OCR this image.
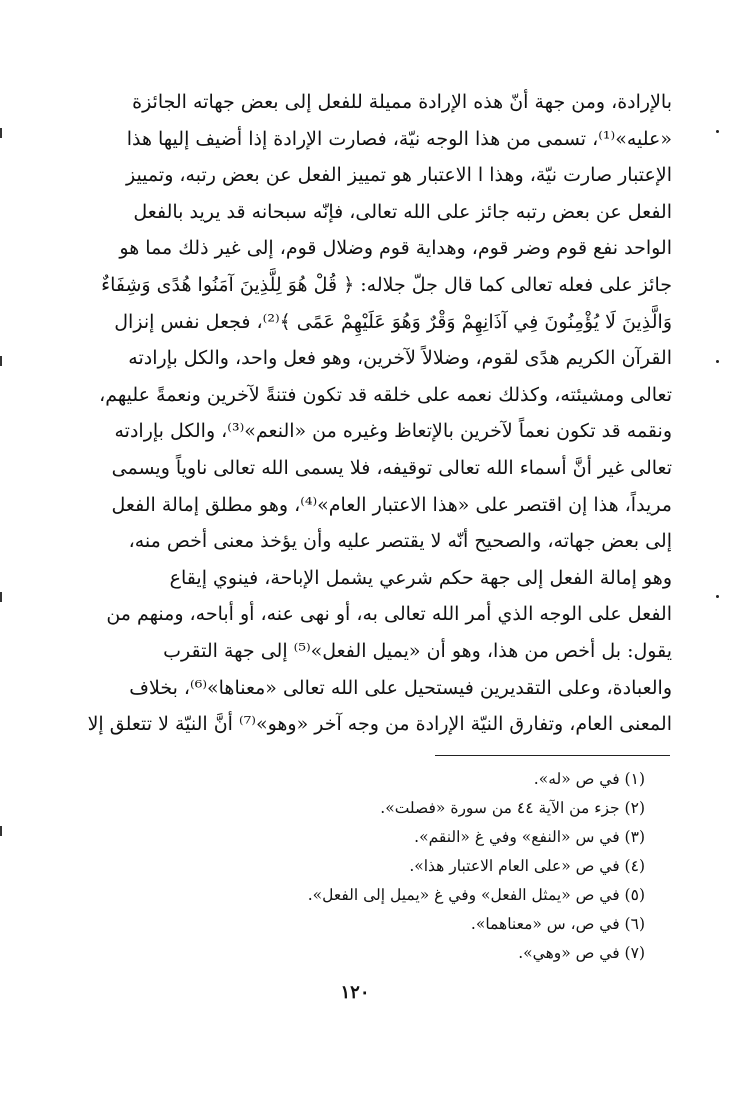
بالإرادة، ومن جهة أنّ هذه الإرادة مميلة للفعل إلى بعض جهاته الجائزة
«عليه»⁽¹⁾، تسمى من هذا الوجه نيّة، فصارت الإرادة إذا أضيف إليها هذا
الإعتبار صارت نيّة، وهذا ا الاعتبار هو تمييز الفعل عن بعض رتبه، وتمييز
الفعل عن بعض رتبه جائز على الله تعالى، فإنّه سبحانه قد يريد بالفعل
الواحد نفع قوم وضر قوم، وهداية قوم وضلال قوم، إلى غير ذلك مما هو
جائز على فعله تعالى كما قال جلّ جلاله: ﴿ قُلْ هُوَ لِلَّذِينَ آمَنُوا هُدًى وَشِفَاءٌ
وَالَّذِينَ لَا يُؤْمِنُونَ فِي آذَانِهِمْ وَقْرٌ وَهُوَ عَلَيْهِمْ عَمًى ﴾⁽²⁾، فجعل نفس إنزال
القرآن الكريم هدًى لقوم، وضلالاً لآخرين، وهو فعل واحد، والكل بإرادته
تعالى ومشيئته، وكذلك نعمه على خلقه قد تكون فتنةً لآخرين ونعمةً عليهم،
ونقمه قد تكون نعماً لآخرين بالإتعاظ وغيره من «النعم»⁽³⁾، والكل بإرادته
تعالى غير أنَّ أسماء الله تعالى توقيفه، فلا يسمى الله تعالى ناوياً ويسمى
مريداً، هذا إن اقتصر على «هذا الاعتبار العام»⁽⁴⁾، وهو مطلق إمالة الفعل
إلى بعض جهاته، والصحيح أنّه لا يقتصر عليه وأن يؤخذ معنى أخص منه،
وهو إمالة الفعل إلى جهة حكم شرعي يشمل الإباحة، فينوي إيقاع
الفعل على الوجه الذي أمر الله تعالى به، أو نهى عنه، أو أباحه، ومنهم من
يقول: بل أخص من هذا، وهو أن «يميل الفعل»⁽⁵⁾ إلى جهة التقرب
والعبادة، وعلى التقديرين فيستحيل على الله تعالى «معناها»⁽⁶⁾، بخلاف
المعنى العام، وتفارق النيّة الإرادة من وجه آخر «وهو»⁽⁷⁾ أنَّ النيّة لا تتعلق إلا
(١) في ص «له».
(٢) جزء من الآية ٤٤ من سورة «فصلت».
(٣) في س «النفع» وفي غ «النقم».
(٤) في ص «على العام الاعتبار هذا».
(٥) في ص «يمثل الفعل» وفي غ «يميل إلى الفعل».
(٦) في ص، س «معناهما».
(٧) في ص «وهي».
١٢٠
